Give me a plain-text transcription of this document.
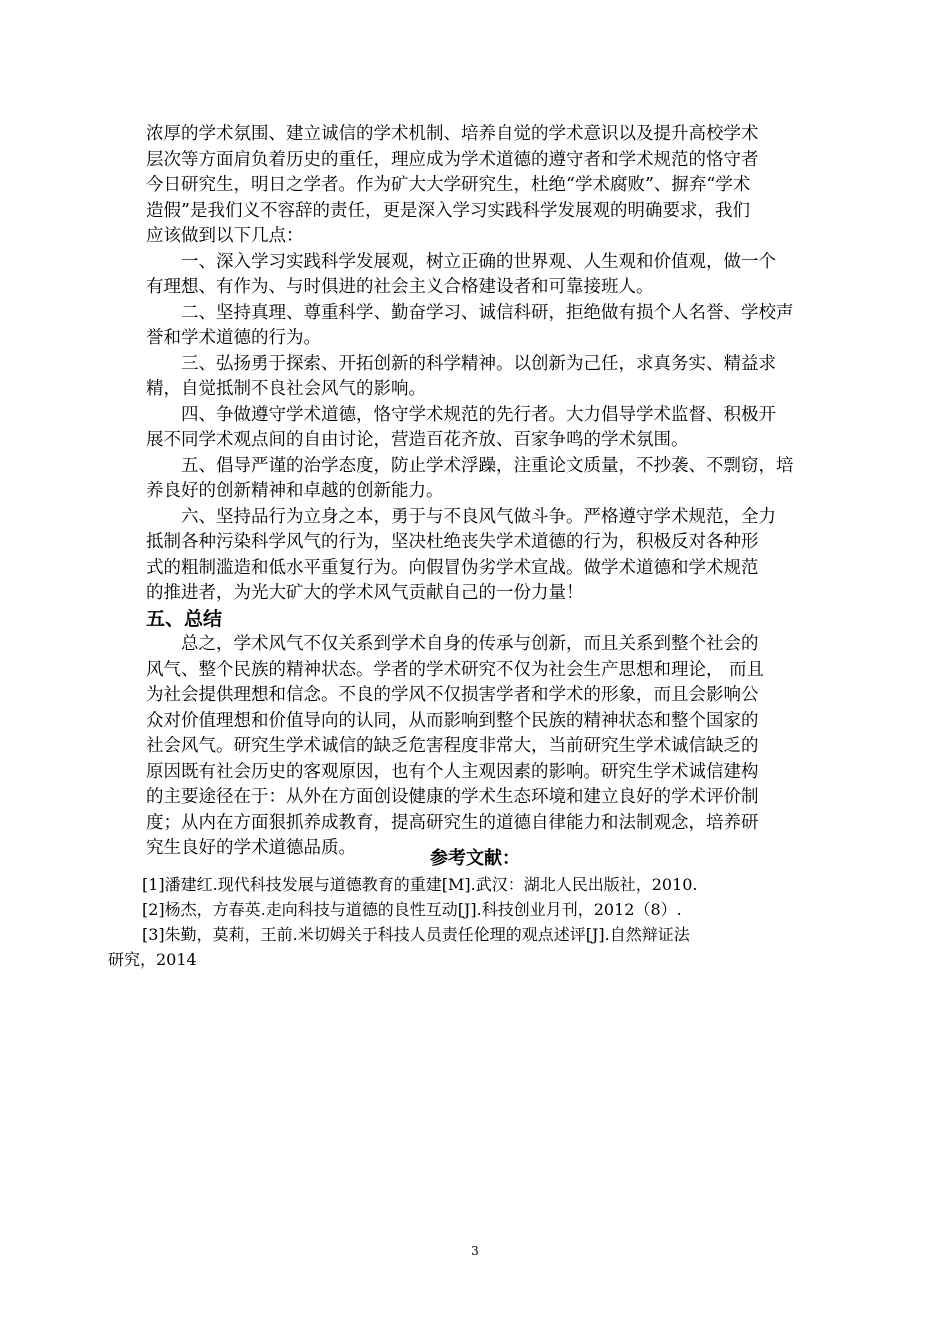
浓厚的学术氛围、建立诚信的学术机制、培养自觉的学术意识以及提升高校学术
层次等方面肩负着历史的重任，理应成为学术道德的遵守者和学术规范的恪守者
今日研究生，明日之学者。作为矿大大学研究生，杜绝“学术腐败”、摒弃“学术
造假”是我们义不容辞的责任，更是深入学习实践科学发展观的明确要求，我们
应该做到以下几点：
一、深入学习实践科学发展观，树立正确的世界观、人生观和价值观，做一个
有理想、有作为、与时俱进的社会主义合格建设者和可靠接班人。
二、坚持真理、尊重科学、勤奋学习、诚信科研，拒绝做有损个人名誉、学校声
誉和学术道德的行为。
三、弘扬勇于探索、开拓创新的科学精神。以创新为己任，求真务实、精益求
精，自觉抵制不良社会风气的影响。
四、争做遵守学术道德，恪守学术规范的先行者。大力倡导学术监督、积极开
展不同学术观点间的自由讨论，营造百花齐放、百家争鸣的学术氛围。
五、倡导严谨的治学态度，防止学术浮躁，注重论文质量，不抄袭、不剽窃，培
养良好的创新精神和卓越的创新能力。
六、坚持品行为立身之本，勇于与不良风气做斗争。严格遵守学术规范，全力
抵制各种污染科学风气的行为，坚决杜绝丧失学术道德的行为，积极反对各种形
式的粗制滥造和低水平重复行为。向假冒伪劣学术宣战。做学术道德和学术规范
的推进者，为光大矿大的学术风气贡献自己的一份力量！
五、总结
总之，学术风气不仅关系到学术自身的传承与创新，而且关系到整个社会的
风气、整个民族的精神状态。学者的学术研究不仅为社会生产思想和理论， 而且
为社会提供理想和信念。不良的学风不仅损害学者和学术的形象，而且会影响公
众对价值理想和价值导向的认同，从而影响到整个民族的精神状态和整个国家的
社会风气。研究生学术诚信的缺乏危害程度非常大，当前研究生学术诚信缺乏的
原因既有社会历史的客观原因，也有个人主观因素的影响。研究生学术诚信建构
的主要途径在于：从外在方面创设健康的学术生态环境和建立良好的学术评价制
度；从内在方面狠抓养成教育，提高研究生的道德自律能力和法制观念，培养研
究生良好的学术道德品质。	参考文献：
[1]潘建红.现代科技发展与道德教育的重建[M].武汉：湖北人民出版社，2010.
[2]杨杰，方春英.走向科技与道德的良性互动[J].科技创业月刊，2012（8）.
[3]朱勤，莫莉，王前.米切姆关于科技人员责任伦理的观点述评[J].自然辩证法
研究，2014
3
